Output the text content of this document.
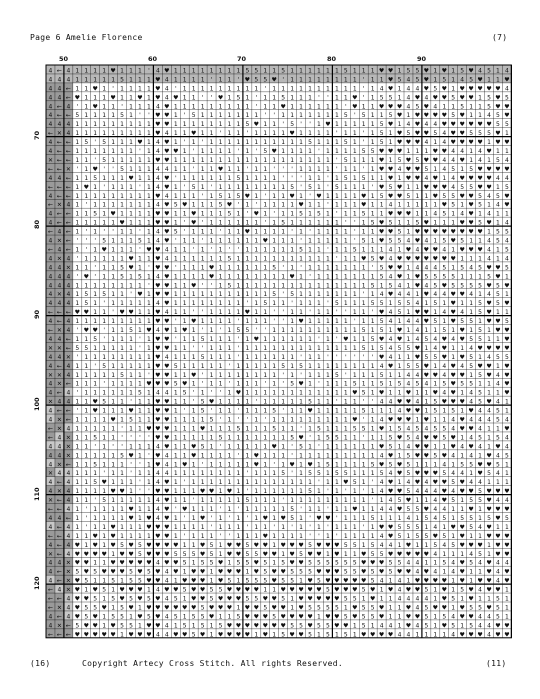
Page 6 Amelie Florence	(7)
4 ← 4 1 1 1 1 ♥ 1 1 1 ' 4 ♥ 1 1 1 1 1 1 1 1 5 5 1 1 5 1 1 1 1 1 1 5 1 1 1 ♥ ♥ 1 5 5 ♥ 1 ♥ 1 5 ♥ 4 5 1 4
4 4 4 1 1 1 1 1 5 1 1 1 ♥ 4 1 1 1 1 ' 1 1 ' ♥ 5 5 ♥ ' 1 1 1 1 1 1 1 1 ' 1 1 ♥ 5 4 5 ♥ 1 5 1 4 5 ♥ 1 1 ♥
4 4 ← 1 1 ♥ 1 ' 1 1 1 1 ♥ 4 ' 1 1 1 1 1 1 1 1 1 ' 1 1 1 1 1 1 1 1 1 1 ' 1 4 ♥ 1 4 4 ♥ 5 ♥ 1 ♥ ♥ ♥ ♥ ♥ 4
4 4 ← ♥ 1 1 1 ♥ 1 1 ♥ 1 ♥ 4 ♥ 1 1 ' ' ♥ 1 5 1 ' 1 1 5 1 1 1 ' ' 1 1 ♥ ' 1 5 5 1 4 ♥ 4 ♥ ♥ 5 ♥ ♥ 1 5 ♥ 5
4 ← 4 ' 1 ♥ 1 1 ' 1 1 1 4 ♥ 1 1 1 1 1 1 1 1 1 ' 1 1 ♥ 1 1 1 1 1 1 ' ♥ 1 1 ♥ ♥ ♥ 4 5 ♥ 4 1 1 5 1 1 5 ♥ ♥
4 ← ← 5 1 1 1 1 5 1 ' ' ♥ ♥ 1 ' 5 1 1 1 1 1 1 1 ' ' 1 1 1 1 1 1 1 5 ' 5 1 1 5 ♥ 1 ♥ ♥ ♥ ♥ 5 ♥ 1 1 4 5 ♥
4 4 4 1 1 1 1 1 1 1 1 1 ♥ ♥ 1 1 1 1 1 1 1 1 5 ♥ 1 1 ' 5 ' ' 1 ♥ 1 1 1 1 1 5 ♥ 1 4 ♥ 4 4 ♥ ♥ ♥ ♥ ♥ ♥ 5 5
← ✕ 4 1 1 1 1 1 1 1 1 1 ♥ 4 1 1 ♥ 1 1 ' 1 1 ' 1 1 1 1 ♥ 1 1 1 1 ' 1 1 ' 1 5 1 ♥ 5 ♥ ♥ 5 4 ♥ ♥ 5 5 5 ♥ 1
4 ← ← 1 5 ' 5 1 1 1 ♥ 1 4 ♥ 1 ' 1 ' 1 1 1 1 1 1 1 1 1 1 1 5 1 1 1 5 1 ' 1 5 1 ♥ ♥ ♥ 4 1 4 ♥ ♥ ♥ ♥ 1 ♥ ♥
4 ← ← 1 1 1 1 1 1 1 ' 1 4 ♥ ♥ 1 ' 1 1 1 1 ' 1 ' 5 ♥ 1 1 1 1 ' 1 1 1 1 5 5 ♥ ♥ ♥ 1 1 1 ♥ ♥ 4 4 1 4 ♥ 1 1
✕ ← ← 1 1 ' 5 1 1 1 1 1 ♥ ♥ 1 1 1 1 1 1 1 1 1 1 1 1 1 1 1 1 1 1 ' 5 1 1 1 ♥ 1 5 ♥ 5 ♥ ♥ 4 4 ♥ 1 4 1 5 4
← ← ✕ ' 1 ♥ ' ' 5 1 1 1 4 4 1 1 ' 1 1 ♥ 1 1 ' 1 1 ' ' ' 1 1 1 1 ' 1 1 ' 1 ♥ ♥ 4 ♥ ♥ 5 1 4 5 1 5 ♥ ♥ ♥ ♥
4 4 ← 1 1 5 1 1 1 ♥ 1 1 4 ♥ ' 1 1 1 1 1 1 5 1 1 1 1 ' ' ' 1 1 ' 1 5 1 5 1 1 ♥ 1 ♥ ♥ 4 ♥ 1 4 ♥ ♥ ♥ ♥ 4 4
← ← ← 1 ♥ 1 ' 1 1 1 ' 1 4 ♥ 1 ' 5 1 ' 1 1 1 1 1 1 1 1 5 ' 5 1 ' 5 1 1 1 ' ♥ 5 ♥ 1 1 ♥ ♥ ♥ 4 5 5 ♥ ♥ 1 5
4 ← ← 1 1 1 1 1 1 1 1 1 ♥ 4 1 1 1 ' 1 5 1 5 ♥ 1 ' 1 1 ♥ 1 ' ♥ 1 1 1 1 ♥ 1 5 ♥ ♥ 5 1 1 ♥ 5 5 ♥ ♥ 5 4 5 ♥
← ✕ 4 1 ' 1 1 1 1 1 1 1 4 ♥ 5 ♥ 1 1 1 5 ♥ ' 1 ' 1 1 1 1 ♥ 1 1 ' 1 1 1 ♥ 1 1 4 1 1 1 1 1 ♥ 5 1 ♥ 5 1 4 ♥
4 ← ← 1 1 5 1 ♥ 1 1 1 1 ♥ ♥ 1 1 ♥ 1 1 1 5 1 ' ♥ 1 ' 1 1 5 1 5 1 ' 1 1 5 1 1 ♥ ♥ ♥ 1 1 4 5 1 4 ♥ 1 4 1 1
4 ← ← 1 1 1 1 1 ♥ 1 1 1 ♥ ♥ 1 ' ♥ ' 1 1 1 1 1 1 ' 1 5 1 1 1 1 1 1 ' ' 1 5 ♥ 5 1 1 5 ♥ 1 1 1 ♥ ♥ 5 ♥ 1 4
← 4 ← 1 ' 1 ' ' 1 1 ' 1 4 ♥ 5 ' 1 1 1 ' 1 1 ♥ 1 1 1 1 ' 1 ' 1 1 1 1 ' 1 1 ♥ ♥ 5 1 ♥ ♥ ♥ ♥ ♥ ♥ ♥ ♥ 1 5 5
4 ✕ ← ' ' ' 5 1 1 1 5 1 4 ♥ ' 1 1 ' 1 1 1 1 1 1 ♥ 1 1 1 ' 1 1 1 1 1 ' 5 1 ♥ 5 5 4 ♥ 4 1 5 ♥ 5 1 1 4 5 4
← 4 ← 1 ' 1 ♥ 1 1 1 ' ♥ ♥ 4 1 1 ' 1 ' 1 ' ' 1 1 1 1 1 1 5 1 1 ' 1 1 5 1 1 1 4 1 ♥ 4 ♥ ♥ 4 1 ♥ ♥ ♥ 4 1 5
4 ✕ 4 ' 1 1 1 1 1 ♥ 1 1 ♥ 4 1 1 1 1 1 1 5 1 1 1 1 1 1 1 1 1 1 1 ' 1 1 ♥ 5 ♥ 4 ♥ ♥ ♥ ♥ ♥ ♥ ♥ 1 1 1 4 1 4
4 4 ✕ 1 1 ' 1 1 5 ♥ 1 ' ♥ ♥ ' 1 1 1 ♥ 1 1 1 1 1 1 5 ' 1 ' 1 1 1 1 1 1 1 ' 5 ♥ ♥ 1 4 4 4 5 1 5 4 5 ♥ ♥ 5
4 4 4 ' ♥ ' 1 1 5 1 5 1 4 ♥ 1 1 1 1 ♥ 1 1 1 1 1 1 1 1 ♥ 1 ' 1 1 1 1 1 1 1 5 4 ♥ 1 ♥ 5 5 5 5 1 1 1 5 ♥ 1
4 4 4 1 1 1 1 1 1 1 1 ' ♥ ♥ 1 1 ♥ ' ' 1 5 1 1 1 1 1 1 1 1 1 1 1 1 1 1 1 5 1 5 4 1 ♥ 4 5 ♥ 5 5 5 5 ♥ 5 ♥
4 ✕ 4 1 5 1 5 1 1 ' ♥ 1 ♥ ♥ 1 1 1 1 1 1 1 1 1 1 1 5 ' 5 1 1 1 1 1 1 1 ' 1 4 ♥ 4 4 1 ♥ 4 4 ♥ ♥ 4 1 4 5 1
4 4 4 1 5 1 ' 1 1 1 1 1 4 ♥ 1 1 1 1 1 1 1 1 ' 1 5 1 1 ' 1 1 1 ' 5 1 1 1 5 5 1 5 5 4 1 5 1 ♥ 1 1 5 ♥ 5 ♥
← ← ← ♥ ♥ 1 1 ' ♥ ♥ 1 1 ♥ 4 1 1 ' ' 1 1 1 1 ♥ 1 1 ' ' 1 1 ' 1 1 ' ' 1 1 ' ♥ 4 5 1 ♥ ♥ 1 4 ♥ 4 1 5 ♥ 1 1
4 ← 4 1 1 1 1 1 1 1 1 1 ♥ ♥ ' 1 ♥ 1 1 1 1 ' 1 1 1 ' ' 1 ♥ 1 1 1 1 1 ' 1 1 5 4 1 4 4 ♥ 5 1 ♥ 5 5 1 ♥ ♥ 5
← ✕ 4 ' ♥ ♥ ' 1 1 5 1 ♥ 4 ♥ 1 ♥ 1 ' 1 ' 1 5 5 ' ' 1 1 1 1 1 1 1 1 1 1 5 1 5 1 ♥ 1 4 1 1 5 1 ♥ 1 5 1 ♥ ♥
4 4 ← 1 1 5 ' 1 1 1 ' 1 ♥ ♥ ' 1 1 5 1 1 1 ' 1 ♥ 1 1 1 1 1 1 ' 1 ' ♥ 1 1 5 ♥ 4 ♥ 1 4 5 4 ♥ 4 ♥ 5 5 1 1 ♥
✕ ✕ ← 5 5 1 1 1 1 1 ' 1 ♥ ♥ 1 1 ' ' 1 1 1 ' 1 1 1 1 1 1 1 1 1 1 1 1 1 5 1 5 4 5 5 ♥ 1 4 ♥ 1 1 4 ♥ ♥ ♥ ♥
4 4 ✕ ' 1 1 1 1 1 1 1 1 ♥ 4 1 1 1 5 1 1 1 ' 1 1 1 1 1 1 ' 1 1 ' ' ' ' ' ' ♥ 4 1 1 ♥ 5 5 ♥ 1 ♥ 5 1 4 5 5
4 ← 4 1 1 ' 5 1 1 1 1 1 ♥ ♥ 5 1 1 1 1 1 ' 1 1 1 1 1 5 1 5 1 1 1 1 1 1 1 1 4 ♥ 1 5 5 ♥ 1 4 ♥ 4 5 ♥ ♥ 1 ♥
✕ ✕ 4 1 1 1 1 1 5 1 1 ' ♥ ♥ 1 1 ♥ ' 1 1 1 1 1 1 1 1 ' 1 ' 1 1 1 5 ' 1 1 1 5 1 1 4 4 ♥ ♥ 4 ♥ ♥ 1 5 ♥ 4 ♥
4 ✕ ← 1 1 1 ' 1 1 1 1 ♥ ♥ ♥ 5 ♥ 1 ' 1 1 ' 1 1 1 ' 1 ' 5 ♥ 1 ' 1 1 1 5 1 1 5 1 5 4 5 4 1 5 ♥ 5 5 1 1 4 ♥
4 ← 4 ' 1 1 1 1 1 1 5 1 4 4 1 5 ' 1 ' ' 1 ♥ 1 1 1 1 1 1 1 1 1 1 1 1 ♥ 5 1 ♥ 1 1 ♥ 1 1 ♥ 4 ♥ 1 4 5 1 1 ♥
✕ 4 4 1 1 ♥ 5 1 1 ' 1 1 ♥ ♥ 1 1 ' 5 ♥ 1 1 1 1 ' 1 1 1 1 1 5 1 1 ' 1 1 ' ' 4 4 ♥ ♥ 4 1 5 ♥ ♥ ♥ 4 5 ♥ 4 1
4 ← ← ' 1 ♥ 1 1 1 ♥ 1 1 ♥ ♥ 1 ' 1 5 ' 1 1 ' 1 1 1 5 ' 1 1 ♥ 1 1 1 1 1 5 1 1 1 4 ♥ ♥ 1 5 1 5 1 ♥ 4 4 5 1
4 ✕ ← 1 1 1 1 ♥ 1 5 1 1 ♥ ♥ 1 1 1 1 5 ' 1 ' ' 1 ' 1 1 1 1 1 1 1 1 1 ♥ ' 1 4 ♥ ♥ ♥ 1 ♥ 1 1 4 ♥ 4 4 4 5 4
← ✕ 4 1 1 1 1 1 ' 1 1 ♥ ♥ ♥ 1 1 1 ♥ 1 1 1 5 1 1 1 5 1 1 ' 1 5 1 1 1 5 5 1 ♥ 1 5 4 5 4 5 5 4 ♥ ♥ 4 1 1 ♥
← 4 ✕ 1 1 5 1 1 ' ' ' ' ♥ ♥ 1 1 1 1 1 5 1 1 1 1 1 1 1 5 ♥ ' 1 5 5 1 1 ' 1 1 5 ♥ 5 4 ♥ ♥ 5 ♥ 1 4 5 1 5 4
4 4 ✕ 1 1 ' 1 ' ' 1 1 1 4 ♥ 1 1 ♥ 5 1 ' 1 1 1 1 1 ♥ 1 ' 5 1 ' 1 1 1 1 1 1 ♥ 5 1 4 ♥ ♥ 1 1 ♥ 4 ♥ 4 1 ♥ 4
4 4 ✕ 1 1 1 1 1 5 ♥ 1 ' ♥ 4 1 1 ♥ 1 1 1 1 ' 1 ♥ 1 1 1 ' 1 1 1 1 1 1 1 1 1 4 ♥ 1 5 ♥ ♥ 5 ♥ 4 1 4 1 ♥ 4 5
4 ✕ ← 1 1 5 1 1 1 ' ' 1 ♥ 4 1 ♥ 1 ' 1 1 1 1 1 ♥ 1 ' 1 ♥ 1 ♥ 1 5 1 1 1 1 5 ♥ 5 ♥ 5 1 1 1 4 1 5 5 ♥ ♥ 5 1
✕ 4 4 1 1 1 ' 1 1 ' 1 1 4 4 1 1 1 1 1 1 1 1 ' 1 1 1 5 ' 1 5 5 1 5 5 1 1 1 5 4 ♥ 5 ♥ ♥ ♥ 5 4 4 1 ♥ 5 4 1
4 ← 4 1 1 5 ♥ 1 1 1 ' 1 4 ♥ 1 ' 1 1 1 1 1 1 1 1 1 1 1 1 1 1 ' 1 1 ♥ 5 1 ' 4 ♥ 1 4 ♥ 4 ♥ ♥ 5 ♥ 4 4 1 1 1
4 ✕ 4 1 1 1 1 ♥ ♥ 1 ' ' ♥ ♥ 1 1 1 ♥ ♥ 1 ♥ 1 ' 1 1 1 1 1 1 5 1 ' 1 ' 1 ' 1 4 ♥ ♥ 5 4 4 4 ♥ 4 ♥ ♥ 5 ♥ ♥ ♥
✕ ← 4 1 1 ' 5 1 1 1 1 1 4 ♥ 1 1 ' 1 1 1 1 1 5 1 1 1 ' 1 1 1 1 1 1 1 1 1 ' 1 4 5 ♥ 1 1 4 ♥ 5 1 5 5 ♥ 4 4
← ← 4 1 ' 1 1 1 1 ♥ 1 1 4 ♥ ' ♥ 1 1 1 ' 1 ' 1 1 1 1 1 5 ' 1 1 ' 1 1 ♥ 1 1 4 4 ♥ 5 5 ♥ 4 4 1 1 ♥ 1 ♥ ♥ ♥
4 4 ← 1 ' 1 1 1 1 ♥ 1 ♥ 4 ♥ 1 ' 1 ♥ ' 1 ' 1 ' 1 ♥ 1 ♥ 5 1 ' ♥ ♥ ' 1 1 1 5 1 1 1 4 1 5 4 5 1 5 5 1 5 ♥ 5
4 ← 4 1 ' 1 1 ♥ 1 1 1 ♥ ♥ ♥ 1 1 1 1 ' 1 1 1 ' 1 1 ' 1 ' 1 ' 1 ' 1 1 1 ' 1 ♥ ♥ 5 5 5 1 4 1 ♥ ♥ 5 4 ♥ 1 1
← ← 4 1 1 ♥ 1 ♥ 1 1 1 1 ♥ ♥ 1 ' 1 1 1 ' ' 1 1 1 ♥ 1 1 1 1 ' ' 1 ' 1 1 1 1 4 ♥ 5 1 5 5 ♥ 5 1 ♥ 1 1 ♥ ♥ ♥
4 ← 4 ♥ 1 ♥ 1 ♥ 5 ♥ 5 ♥ ♥ ♥ ♥ 1 1 ♥ 5 1 ♥ ♥ 5 ♥ ♥ 1 ♥ ♥ ♥ 5 ♥ ♥ ♥ 5 5 1 5 4 4 1 ♥ 1 1 5 4 5 ♥ ♥ ♥ 1 ♥ ♥
✕ ← 4 ♥ ♥ ♥ ♥ 1 ♥ ♥ 5 ♥ ♥ ♥ 5 5 5 ♥ 5 1 ♥ ♥ 5 5 ♥ ♥ 1 ♥ 5 ♥ ♥ 1 ♥ 1 1 ♥ 5 5 ♥ ♥ ♥ ♥ ♥ 4 1 1 1 4 5 1 ♥ ♥
4 4 ✕ ♥ ♥ 1 1 ♥ ♥ ♥ ♥ ♥ 4 ♥ ♥ 5 1 5 5 ♥ 1 5 5 ♥ 5 1 5 ♥ ♥ 5 5 5 5 5 5 ♥ ♥ ♥ 5 5 4 4 1 1 5 4 ♥ 5 4 ♥ 4 4
4 ← ✕ 5 ♥ 5 ♥ ♥ ♥ 5 ♥ 5 ♥ 4 ♥ 1 ♥ ♥ 1 ♥ ♥ ♥ 1 ♥ 5 ♥ ♥ 5 5 5 ♥ ♥ ♥ 5 5 ♥ 5 ♥ 5 ♥ ♥ 4 ♥ 4 1 4 ♥ 1 1 ♥ 4 ♥
4 ← ✕ ♥ 5 1 1 5 1 5 5 ♥ ♥ 4 1 ♥ ♥ ♥ 1 ♥ 5 1 5 5 5 ♥ 5 5 1 ♥ 5 ♥ ♥ ♥ ♥ ♥ 5 4 1 4 1 ♥ ♥ ♥ ♥ 1 ♥ 1 ♥ ♥ 4 ♥
← 4 ✕ ♥ 1 ♥ 5 1 ♥ ♥ ♥ 1 4 ♥ ♥ 5 ♥ ♥ 5 5 ♥ ♥ ♥ ♥ 1 1 ♥ ♥ ♥ ♥ ♥ 5 ♥ ♥ ♥ 5 ♥ 1 ♥ 4 ♥ ♥ 5 1 ♥ 1 5 ♥ 4 ♥ ♥ 1
← ← 4 ♥ ♥ 5 1 5 ♥ 5 ♥ 5 ♥ 4 5 1 ♥ ♥ 5 ♥ ♥ ♥ 5 5 ♥ ♥ 5 1 ♥ ♥ ♥ ♥ ♥ 5 5 1 ♥ 1 1 4 4 4 4 1 ♥ 5 1 ♥ 1 1 5 1
← ✕ 4 ♥ 5 5 ♥ 1 5 ♥ 1 ♥ ♥ ♥ ♥ ♥ ♥ 5 ♥ ♥ ♥ 1 ♥ ♥ 5 ♥ ♥ 1 ♥ 5 5 5 5 1 ♥ 5 5 ♥ 1 1 ♥ 4 5 ♥ ♥ 1 ♥ 5 5 ♥ 5 1
4 ← 4 ♥ 5 ♥ 1 5 5 1 ♥ 5 ♥ 4 5 1 5 5 ♥ 1 1 5 ♥ ♥ ♥ 5 ♥ ♥ ♥ ♥ 1 ♥ ♥ 5 ♥ 5 5 ♥ 1 1 ♥ ♥ 5 1 5 4 ♥ ♥ 4 4 5 1
4 ✕ ← 5 ♥ ♥ 1 ♥ 5 5 1 ♥ ♥ 4 1 5 1 5 1 5 ♥ ♥ ♥ ♥ ♥ ♥ ♥ 5 5 ♥ 5 5 ♥ ♥ 1 5 1 4 4 1 ♥ 4 5 1 ♥ 5 1 5 4 4 ♥ ♥
← ← ← ♥ ♥ ♥ ♥ ♥ 1 ♥ ♥ ♥ 4 4 ♥ ♥ 5 ♥ 1 ♥ ♥ ♥ ♥ 1 ♥ 1 5 ♥ ♥ 5 1 5 1 5 1 ♥ ♥ ♥ ♥ 4 4 1 1 1 1 4 ♥ ♥ ♥ 4 ♥ ♥
50	60	70	80	90
70
80
90
100
110
120
(16)	Copyright Artecy Cross Stitch. All rights Reserved.	(11)
